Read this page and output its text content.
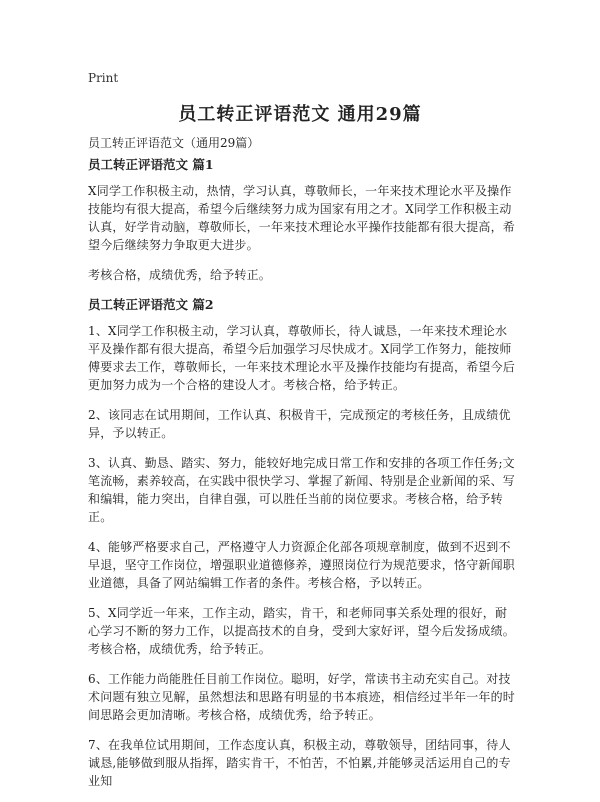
Print
员工转正评语范文 通用29篇
员工转正评语范文（通用29篇）
员工转正评语范文 篇1
X同学工作积极主动，热情，学习认真，尊敬师长，一年来技术理论水平及操作技能均有很大提高，希望今后继续努力成为国家有用之才。X同学工作积极主动认真，好学肯动脑，尊敬师长，一年来技术理论水平操作技能都有很大提高，希望今后继续努力争取更大进步。
考核合格，成绩优秀，给予转正。
员工转正评语范文 篇2
1、X同学工作积极主动，学习认真，尊敬师长，待人诚恳，一年来技术理论水平及操作都有很大提高，希望今后加强学习尽快成才。X同学工作努力，能按师傅要求去工作，尊敬师长，一年来技术理论水平及操作技能均有提高，希望今后更加努力成为一个合格的建设人才。考核合格，给予转正。
2、该同志在试用期间，工作认真、积极肯干，完成预定的考核任务，且成绩优异，予以转正。
3、认真、勤恳、踏实、努力，能较好地完成日常工作和安排的各项工作任务;文笔流畅，素养较高，在实践中很快学习、掌握了新闻、特别是企业新闻的采、写和编辑，能力突出，自律自强，可以胜任当前的岗位要求。考核合格，给予转正。
4、能够严格要求自己，严格遵守人力资源企化部各项规章制度，做到不迟到不早退，坚守工作岗位，增强职业道德修养，遵照岗位行为规范要求，恪守新闻职业道德，具备了网站编辑工作者的条件。考核合格，予以转正。
5、X同学近一年来，工作主动，踏实，肯干，和老师同事关系处理的很好，耐心学习不断的努力工作，以提高技术的自身，受到大家好评，望今后发扬成绩。考核合格，成绩优秀，给予转正。
6、工作能力尚能胜任目前工作岗位。聪明，好学，常读书主动充实自己。对技术问题有独立见解，虽然想法和思路有明显的书本痕迹，相信经过半年一年的时间思路会更加清晰。考核合格，成绩优秀，给予转正。
7、在我单位试用期间，工作态度认真，积极主动，尊敬领导，团结同事，待人诚恳,能够做到服从指挥，踏实肯干，不怕苦，不怕累,并能够灵活运用自己的专业知
